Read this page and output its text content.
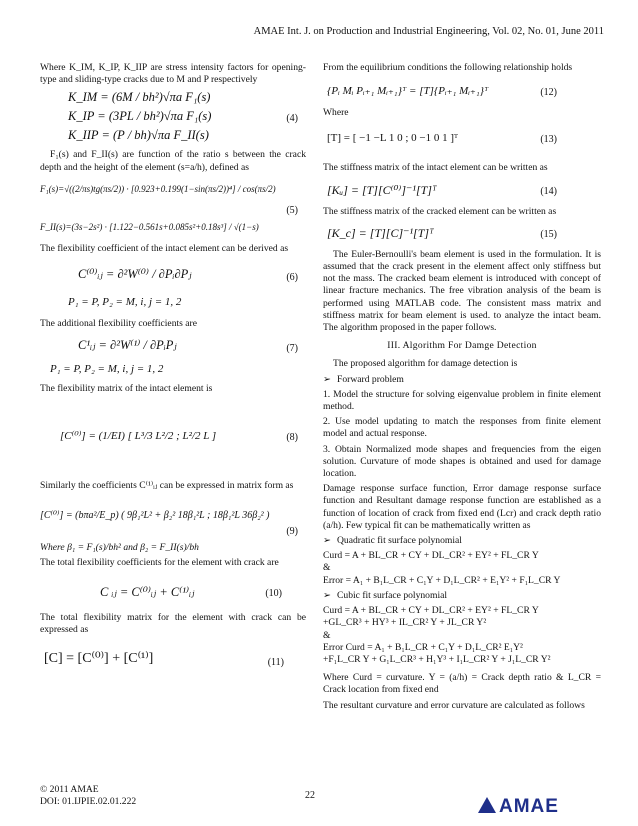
AMAE Int. J. on Production and Industrial Engineering, Vol. 02, No. 01, June 2011

Where K_IM, K_IP, K_IIP are stress intensity factors for opening-type and sliding-type cracks due to M and P respectively

K_IM = (6M / bh²)√πa F₁(s)
K_IP = (3PL / bh²)√πa F₁(s)	(4)
K_IIP = (P / bh)√πa F_II(s)

F₁(s) and F_II(s) are function of the ratio s between the crack depth and the height of the element (s=a/h), defined as

F₁(s)=√((2/πs)tg(πs/2)) · [0.923+0.199(1−sin(πs/2))⁴] / cos(πs/2)
(5)
F_II(s)=(3s−2s²) · [1.122−0.561s+0.085s²+0.18s³] / √(1−s)

The flexibility coefficient of the intact element can be derived as

C⁽⁰⁾ᵢⱼ = ∂²W⁽⁰⁾ / ∂Pᵢ∂Pⱼ	(6)
P₁ = P, P₂ = M, i, j = 1, 2

The additional flexibility coefficients are

C¹ᵢⱼ = ∂²W⁽¹⁾ / ∂PᵢPⱼ	(7)
P₁ = P, P₂ = M, i, j = 1, 2

The flexibility matrix of the intact element is

[C⁽⁰⁾] = (1/EI) [ L³/3 L²/2 ; L²/2 L ]	(8)

Similarly the coefficients C⁽¹⁾ᵢⱼ can be expressed in matrix form as

[C⁽⁰⁾] = (bπa²/E_p) ( 9β₁²L² + β₂² 18β₁²L ; 18β₁²L 36β₂² )
(9)

Where β₁ = F₁(s)/bh² and β₂ = F_II(s)/bh

The total flexibility coefficients for the element with crack are

C ᵢⱼ = C⁽⁰⁾ᵢⱼ + C⁽¹⁾ᵢⱼ	(10)

The total flexibility matrix for the element with crack can be expressed as

[C] = [C⁽⁰⁾] + [C⁽¹⁾]	(11)

From the equilibrium conditions the following relationship holds

{Pᵢ Mᵢ Pᵢ₊₁ Mᵢ₊₁}ᵀ = [T]{Pᵢ₊₁ Mᵢ₊₁}ᵀ	(12)

Where

[T] = [ −1 −L 1 0 ; 0 −1 0 1 ]ᵀ	(13)

The stiffness matrix of the intact element can be written as

[Kᵤ] = [T][C⁽⁰⁾]⁻¹[T]ᵀ	(14)

The stiffness matrix of the cracked element can be written as

[K_c] = [T][C]⁻¹[T]ᵀ	(15)

The Euler-Bernoulli's beam element is used in the formulation. It is assumed that the crack present in the element affect only stiffness but not the mass. The cracked beam element is introduced with concept of linear fracture mechanics. The free vibration analysis of the beam is performed using MATLAB code. The consistent mass matrix and stiffness matrix for beam element is used. to analyze the intact beam. The algorithm proposed in the paper follows.

III. Algorithm For Damge Detection

The proposed algorithm for damage detection is

➢ Forward problem

1. Model the structure for solving eigenvalue problem in finite element method.

2. Use model updating to match the responses from finite element model and actual response.

3. Obtain Normalized mode shapes and frequencies from the eigen solution. Curvature of mode shapes is obtained and used for damage location.

Damage response surface function, Error damage response surface function and Resultant damage response function are established as a function of location of crack from fixed end (Lcr) and crack depth ratio (a/h). Few typical fit can be mathematically written as

➢ Quadratic fit surface polynomial
Curd = A + BL_CR + CY + DL_CR² + EY² + FL_CR Y
&
Error = A₁ + B₁L_CR + C₁Y + D₁L_CR² + E₁Y² + F₁L_CR Y
➢ Cubic fit surface polynomial
Curd = A + BL_CR + CY + DL_CR² + EY² + FL_CR Y
+GL_CR³ + HY³ + IL_CR² Y + JL_CR Y²
&
Error Curd = A₁ + B₁L_CR + C₁Y + D₁L_CR² E₁Y²
+F₁L_CR Y + G₁L_CR³ + H₁Y³ + I₁L_CR² Y + J₁L_CR Y²

Where Curd = curvature. Y = (a/h) = Crack depth ratio & L_CR = Crack location from fixed end

The resultant curvature and error curvature are calculated as follows

© 2011 AMAE
DOI: 01.IJPIE.02.01.222
22
AMAE
